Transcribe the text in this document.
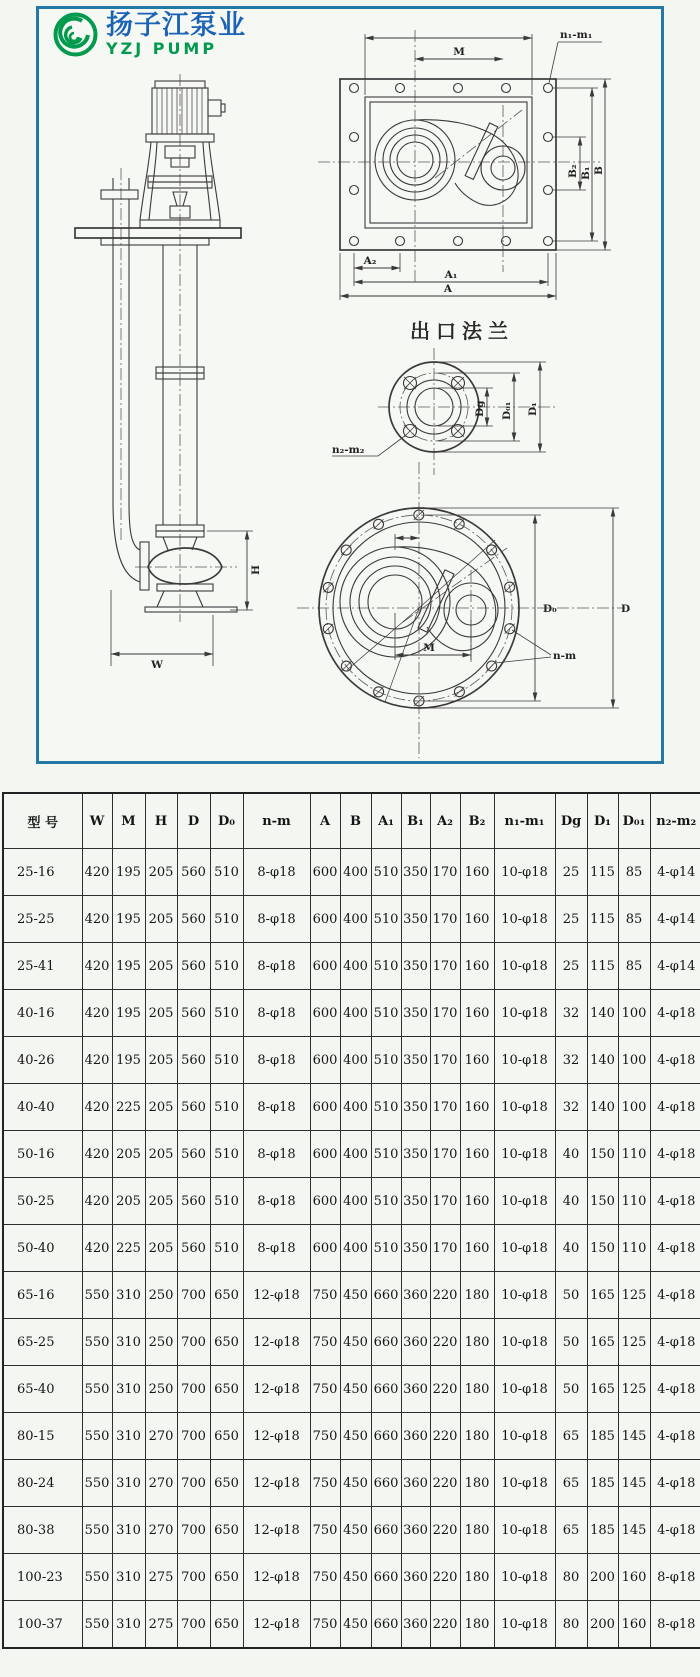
扬子江泵业
YZJ PUMP
H
W
M
n₁-m₁
B₂ B₁ B
A₂
A₁
A
出口法兰
Dg D₀₁ D₁
n₂-m₂
M
D₀	D
n-m
型 号	W	M	H	D	D₀	n-m	A	B	A₁	B₁	A₂	B₂	n₁-m₁	Dg	D₁	D₀₁	n₂-m₂
25-16	420	195	205	560	510	8-φ18	600	400	510	350	170	160	10-φ18	25	115	85	4-φ14
25-25	420	195	205	560	510	8-φ18	600	400	510	350	170	160	10-φ18	25	115	85	4-φ14
25-41	420	195	205	560	510	8-φ18	600	400	510	350	170	160	10-φ18	25	115	85	4-φ14
40-16	420	195	205	560	510	8-φ18	600	400	510	350	170	160	10-φ18	32	140	100	4-φ18
40-26	420	195	205	560	510	8-φ18	600	400	510	350	170	160	10-φ18	32	140	100	4-φ18
40-40	420	225	205	560	510	8-φ18	600	400	510	350	170	160	10-φ18	32	140	100	4-φ18
50-16	420	205	205	560	510	8-φ18	600	400	510	350	170	160	10-φ18	40	150	110	4-φ18
50-25	420	205	205	560	510	8-φ18	600	400	510	350	170	160	10-φ18	40	150	110	4-φ18
50-40	420	225	205	560	510	8-φ18	600	400	510	350	170	160	10-φ18	40	150	110	4-φ18
65-16	550	310	250	700	650	12-φ18	750	450	660	360	220	180	10-φ18	50	165	125	4-φ18
65-25	550	310	250	700	650	12-φ18	750	450	660	360	220	180	10-φ18	50	165	125	4-φ18
65-40	550	310	250	700	650	12-φ18	750	450	660	360	220	180	10-φ18	50	165	125	4-φ18
80-15	550	310	270	700	650	12-φ18	750	450	660	360	220	180	10-φ18	65	185	145	4-φ18
80-24	550	310	270	700	650	12-φ18	750	450	660	360	220	180	10-φ18	65	185	145	4-φ18
80-38	550	310	270	700	650	12-φ18	750	450	660	360	220	180	10-φ18	65	185	145	4-φ18
100-23	550	310	275	700	650	12-φ18	750	450	660	360	220	180	10-φ18	80	200	160	8-φ18
100-37	550	310	275	700	650	12-φ18	750	450	660	360	220	180	10-φ18	80	200	160	8-φ18
